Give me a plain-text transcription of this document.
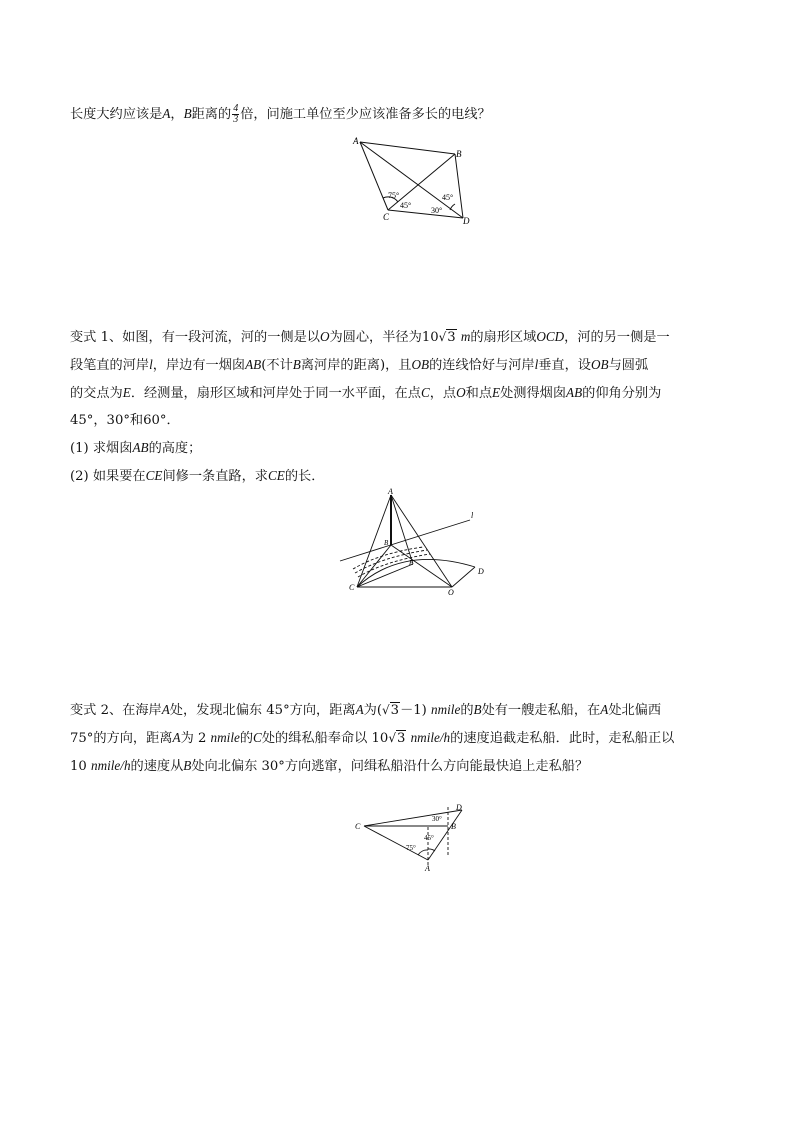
长度大约应该是A，B距离的 $\frac{4}{3}$ 倍，问施工单位至少应该准备多长的电线？
A
B
C	D
75°
45°
45°
30°
变式 1、如图，有一段河流，河的一侧是以O为圆心，半径为10√3 m的扇形区域OCD，河的另一侧是一
段笔直的河岸l，岸边有一烟囱AB(不计B离河岸的距离)，且OB的连线恰好与河岸l垂直，设OB与圆弧
的交点为E．经测量，扇形区域和河岸处于同一水平面，在点C，点O和点E处测得烟囱AB的仰角分别为
45°，30°和60°．
(1) 求烟囱AB的高度；
(2) 如果要在CE间修一条直路，求CE的长．
A
B
C
D
E
O
l
变式 2、在海岸A处，发现北偏东 45°方向，距离A为(√3－1) nmile的B处有一艘走私船，在A处北偏西
75°的方向，距离A为 2 nmile的C处的缉私船奉命以 10√3 nmile/h的速度追截走私船．此时，走私船正以
10 nmile/h的速度从B处向北偏东 30°方向逃窜，问缉私船沿什么方向能最快追上走私船？
C
D
B
A
75°
45°
30°
